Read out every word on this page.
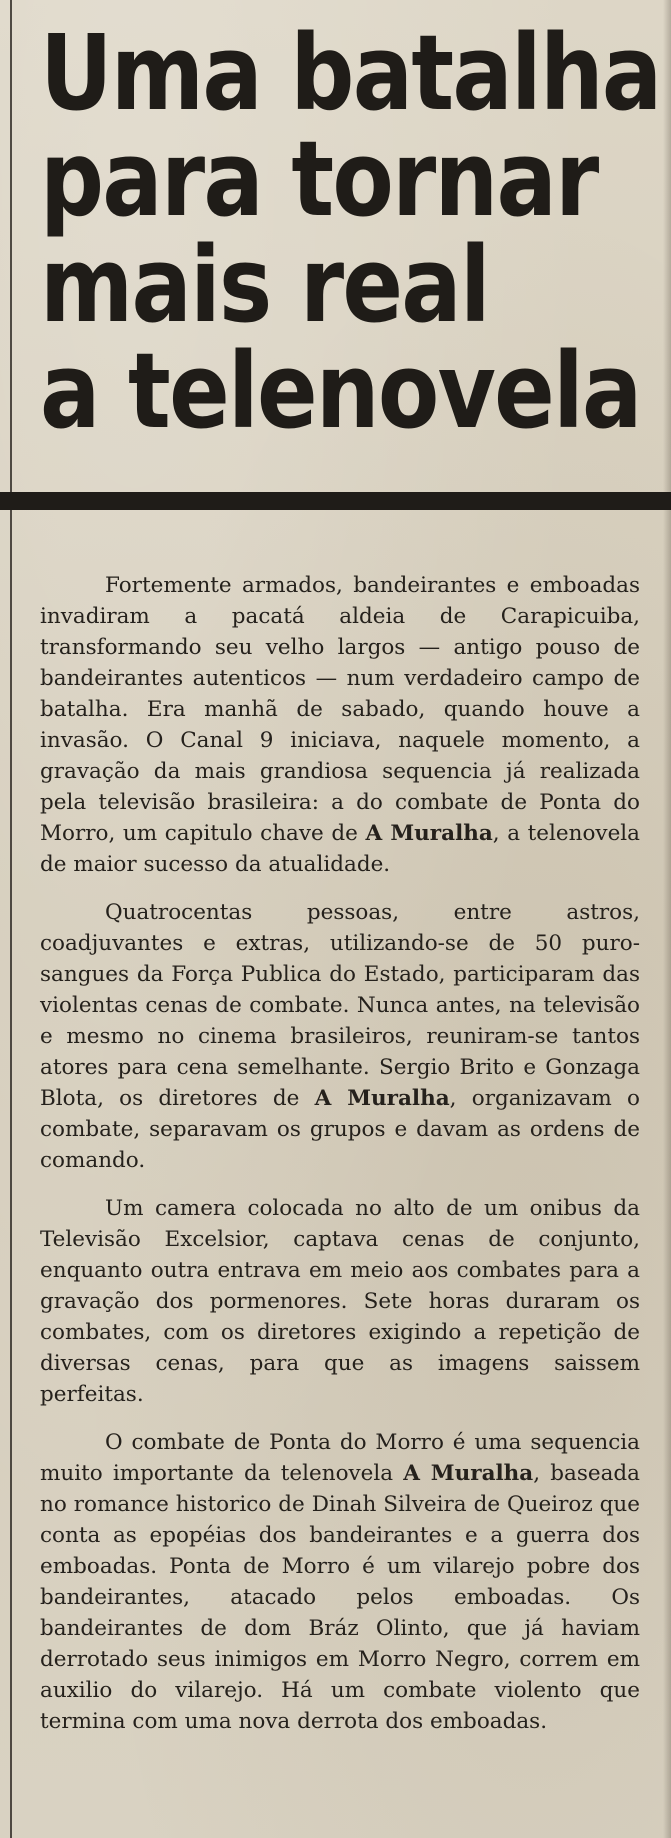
Uma batalha
para tornar
mais real
a telenovela

Fortemente armados, bandeirantes e emboadas invadiram a pacatá aldeia de Carapicuiba, transformando seu velho largos — antigo pouso de bandeirantes autenticos — num verdadeiro campo de batalha. Era manhã de sabado, quando houve a invasão. O Canal 9 iniciava, naquele momento, a gravação da mais grandiosa sequencia já realizada pela televisão brasileira: a do combate de Ponta do Morro, um capitulo chave de A Muralha, a telenovela de maior sucesso da atualidade.

Quatrocentas pessoas, entre astros, coadjuvantes e extras, utilizando-se de 50 puro-sangues da Força Publica do Estado, participaram das violentas cenas de combate. Nunca antes, na televisão e mesmo no cinema brasileiros, reuniram-se tantos atores para cena semelhante. Sergio Brito e Gonzaga Blota, os diretores de A Muralha, organizavam o combate, separavam os grupos e davam as ordens de comando.

Um camera colocada no alto de um onibus da Televisão Excelsior, captava cenas de conjunto, enquanto outra entrava em meio aos combates para a gravação dos pormenores. Sete horas duraram os combates, com os diretores exigindo a repetição de diversas cenas, para que as imagens saissem perfeitas.

O combate de Ponta do Morro é uma sequencia muito importante da telenovela A Muralha, baseada no romance historico de Dinah Silveira de Queiroz que conta as epopéias dos bandeirantes e a guerra dos emboadas. Ponta de Morro é um vilarejo pobre dos bandeirantes, atacado pelos emboadas. Os bandeirantes de dom Bráz Olinto, que já haviam derrotado seus inimigos em Morro Negro, correm em auxilio do vilarejo. Há um combate violento que termina com uma nova derrota dos emboadas.
